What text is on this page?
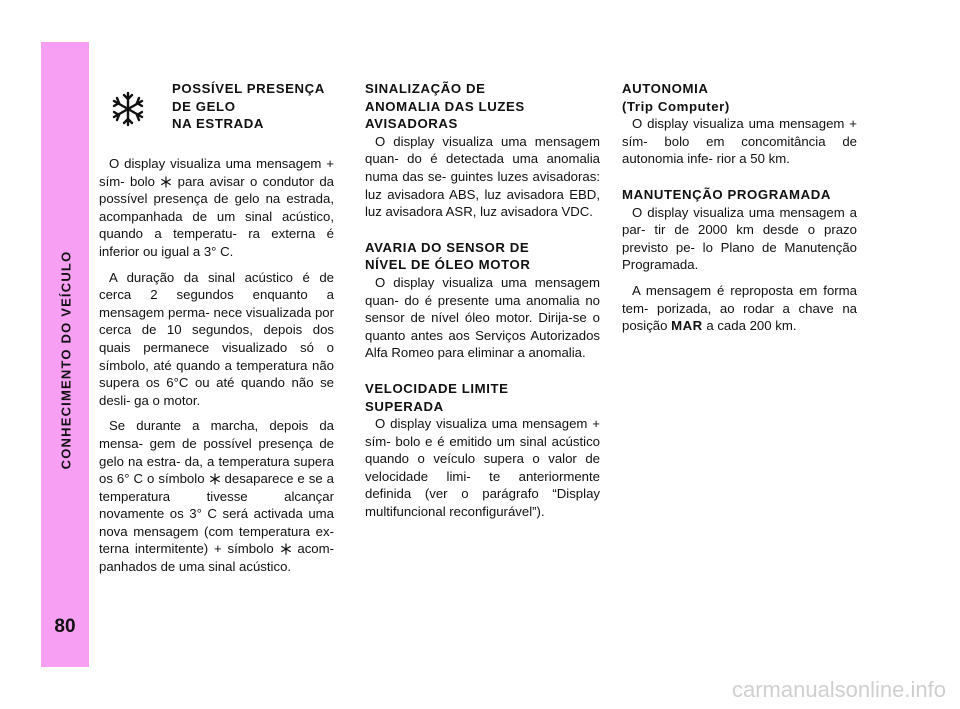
CONHECIMENTO DO VEÍCULO
80
POSSÍVEL PRESENÇA
DE GELO
NA ESTRADA

O display visualiza uma mensagem + sím- bolo
para avisar o condutor da possível presença de gelo na estrada, acompanhada de um sinal acústico, quando a temperatu- ra externa é inferior ou igual a 3° C.

A duração da sinal acústico é de cerca 2 segundos enquanto a mensagem perma- nece visualizada por cerca de 10 segundos, depois dos quais permanece visualizado só o símbolo, até quando a temperatura não supera os 6°C ou até quando não se desli- ga o motor.

Se durante a marcha, depois da mensa- gem de possível presença de gelo na estra- da, a temperatura supera os 6° C o símbolo
desaparece e se a temperatura tivesse alcançar novamente os 3° C será activada uma nova mensagem (com temperatura ex- terna intermitente) + símbolo
acom- panhados de uma sinal acústico.

SINALIZAÇÃO DE
ANOMALIA DAS LUZES
AVISADORAS

O display visualiza uma mensagem quan- do é detectada uma anomalia numa das se- guintes luzes avisadoras: luz avisadora ABS, luz avisadora EBD, luz avisadora ASR, luz avisadora VDC.

AVARIA DO SENSOR DE
NÍVEL DE ÓLEO MOTOR

O display visualiza uma mensagem quan- do é presente uma anomalia no sensor de nível óleo motor. Dirija-se o quanto antes aos Serviços Autorizados Alfa Romeo para eliminar a anomalia.

VELOCIDADE LIMITE
SUPERADA

O display visualiza uma mensagem + sím- bolo e é emitido um sinal acústico quando o veículo supera o valor de velocidade limi- te anteriormente definida (ver o parágrafo “Display multifuncional reconfigurável”).

AUTONOMIA
(Trip Computer)

O display visualiza uma mensagem + sím- bolo em concomitância de autonomia infe- rior a 50 km.

MANUTENÇÃO PROGRAMADA

O display visualiza uma mensagem a par- tir de 2000 km desde o prazo previsto pe- lo Plano de Manutenção Programada.

A mensagem é reproposta em forma tem- porizada, ao rodar a chave na posição MAR a cada 200 km.

carmanualsonline.info
